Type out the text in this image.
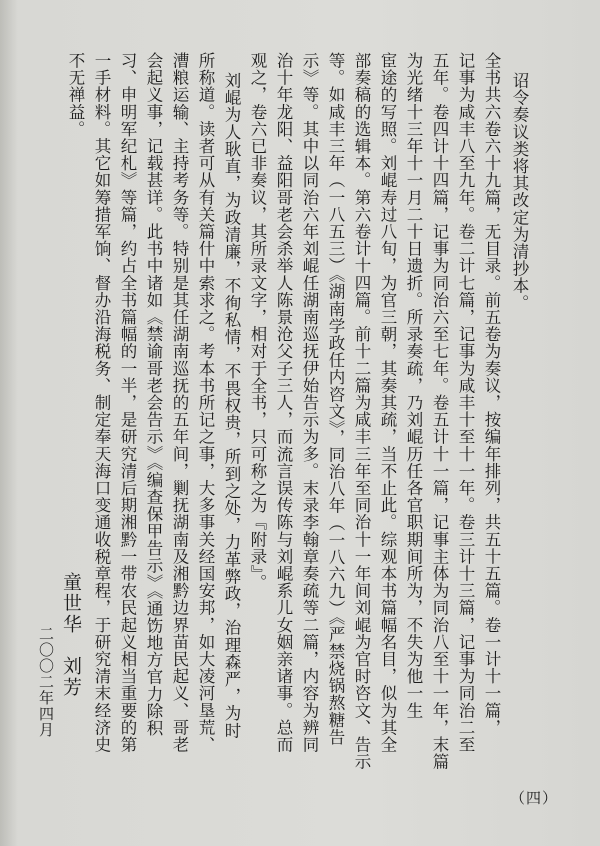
诏令奏议类将其改定为清抄本。
全书共六卷六十九篇，无目录。前五卷为奏议，按编年排列，共五十五篇。卷一计十一篇，
记事为咸丰八至九年。卷二计七篇，记事为咸丰十至十一年。卷三计十三篇，记事为同治二至
五年。卷四计十四篇，记事为同治六至七年。卷五计十一篇，记事主体为同治八至十一年，末篇
为光绪十三年十一月二十日遗折。所录奏疏，乃刘崐历任各官职期间所为，不失为他一生
宦途的写照。刘崐寿过八旬，为官三朝，其奏其疏，当不止此。综观本书篇幅名目，似为其全
部奏稿的选辑本。第六卷计十四篇。前十二篇为咸丰三年至同治十一年间刘崐为官时咨文、告示
等。如咸丰三年（一八五三）《湖南学政任内咨文》，同治八年（一八六九）《严禁烧锅熬糖告
示》等。其中以同治六年刘崐任湖南巡抚伊始告示为多。末录李翰章奏疏等二篇，内容为辨同
治十年龙阳、益阳哥老会杀举人陈景沧父子三人，而流言误传陈与刘崐系儿女姻亲诸事。总而
观之，卷六已非奏议，其所录文字，相对于全书，只可称之为『附录』。
刘崐为人耿直，为政清廉，不徇私情，不畏权贵，所到之处，力革弊政，治理森严，为时
所称道。读者可从有关篇什中索求之。考本书所记之事，大多事关经国安邦，如大凌河垦荒、
漕粮运输、主持考务等。特别是其任湖南巡抚的五年间，剿抚湖南及湘黔边界苗民起义、哥老
会起义事，记载甚详。此书中诸如《禁谕哥老会告示》《编查保甲告示》《通饬地方官力除积
习、申明军纪札》等篇，约占全书篇幅的一半，是研究清后期湘黔一带农民起义相当重要的第
一手材料。其它如筹措军饷、督办沿海税务、制定奉天海口变通收税章程，于研究清末经济史
不无禅益。
童世华　刘芳
二〇〇二年四月
（四）
